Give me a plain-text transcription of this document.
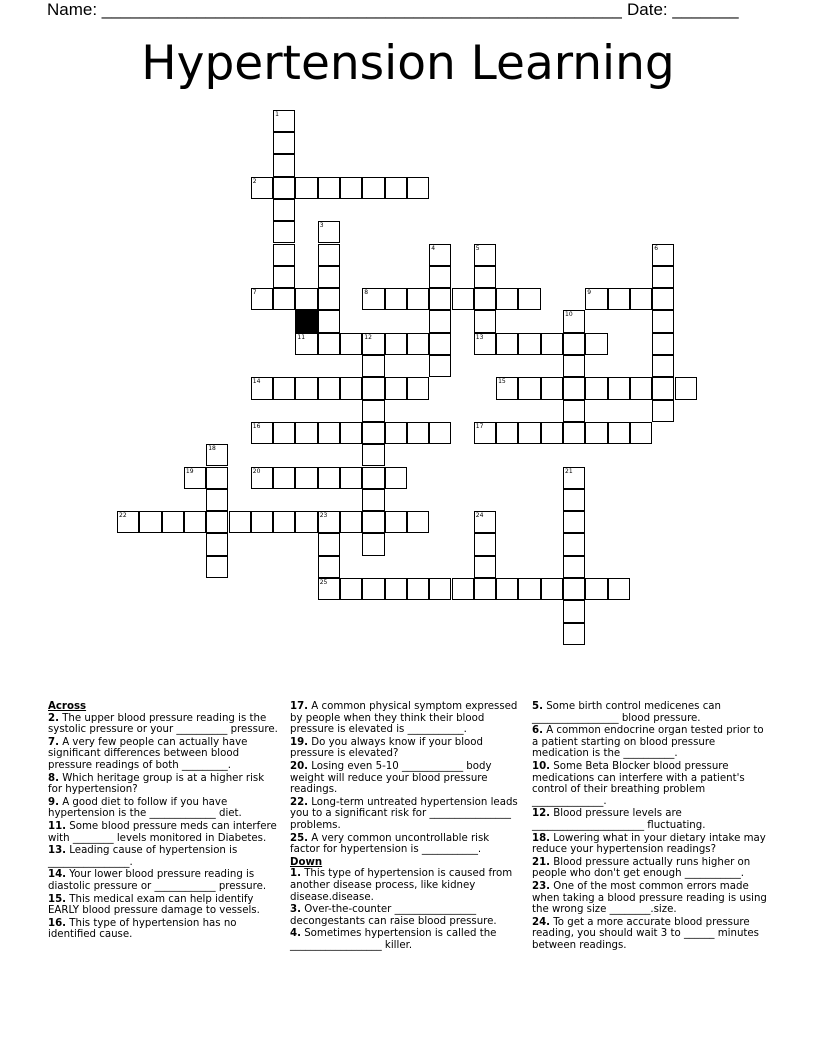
Name: _______________________________________________________ Date: _______
Hypertension Learning
2
7	8	9
11	12	13
14	15
16	17
19	20
22	23
25
1
3
4	5	6
10
18
21
24
Across
2. The upper blood pressure reading is the systolic pressure or your __________ pressure.
7. A very few people can actually have significant differences between blood pressure readings of both _________.
8. Which heritage group is at a higher risk for hypertension?
9. A good diet to follow if you have hypertension is the _____________ diet.
11. Some blood pressure meds can interfere with ________ levels monitored in Diabetes.
13. Leading cause of hypertension is ________________.
14. Your lower blood pressure reading is diastolic pressure or ____________ pressure.
15. This medical exam can help identify EARLY blood pressure damage to vessels.
16. This type of hypertension has no identified cause.
17. A common physical symptom expressed by people when they think their blood pressure is elevated is ___________.
19. Do you always know if your blood pressure is elevated?
20. Losing even 5-10 ____________ body weight will reduce your blood pressure readings.
22. Long-term untreated hypertension leads you to a significant risk for ________________ problems.
25. A very common uncontrollable risk factor for hypertension is ___________.
Down
1. This type of hypertension is caused from another disease process, like kidney disease.disease.
3. Over-the-counter ________________ decongestants can raise blood pressure.
4. Sometimes hypertension is called the __________________ killer.
5. Some birth control medicenes can _________________ blood pressure.
6. A common endocrine organ tested prior to a patient starting on blood pressure medication is the __________.
10. Some Beta Blocker blood pressure medications can interfere with a patient's control of their breathing problem ______________.
12. Blood pressure levels are ______________________ fluctuating.
18. Lowering what in your dietary intake may reduce your hypertension readings?
21. Blood pressure actually runs higher on people who don't get enough ___________.
23. One of the most common errors made when taking a blood pressure reading is using the wrong size ________.size.
24. To get a more accurate blood pressure reading, you should wait 3 to ______ minutes between readings.
